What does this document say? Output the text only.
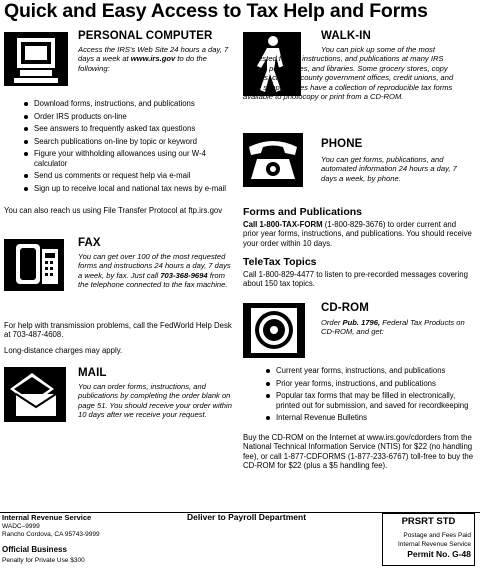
Quick and Easy Access to Tax Help and Forms
PERSONAL COMPUTER
Access the IRS's Web Site 24 hours a day, 7 days a week at www.irs.gov to do the following:
Download forms, instructions, and publications
Order IRS products on-line
See answers to frequently asked tax questions
Search publications on-line by topic or keyword
Figure your withholding allowances using our W-4 calculator
Send us comments or request help via e-mail
Sign up to receive local and national tax news by e-mail
You can also reach us using File Transfer Protocol at ftp.irs.gov
FAX
You can get over 100 of the most requested forms and instructions 24 hours a day, 7 days a week, by fax. Just call 703-368-9694 from the telephone connected to the fax machine.
For help with transmission problems, call the FedWorld Help Desk at 703-487-4608.
Long-distance charges may apply.
MAIL
You can order forms, instructions, and publications by completing the order blank on page 51. You should receive your order within 10 days after we receive your request.
WALK-IN
You can pick up some of the most requested forms, instructions, and publications at many IRS offices, post offices, and libraries. Some grocery stores, copy centers, city and county government offices, credit unions, and office supply stores have a collection of reproducible tax forms available to photocopy or print from a CD-ROM.
PHONE
You can get forms, publications, and automated information 24 hours a day, 7 days a week, by phone.
Forms and Publications
Call 1-800-TAX-FORM (1-800-829-3676) to order current and prior year forms, instructions, and publications. You should receive your order within 10 days.
TeleTax Topics
Call 1-800-829-4477 to listen to pre-recorded messages covering about 150 tax topics.
CD-ROM
Order Pub. 1796, Federal Tax Products on CD-ROM, and get:
Current year forms, instructions, and publications
Prior year forms, instructions, and publications
Popular tax forms that may be filled in electronically, printed out for submission, and saved for recordkeeping
Internal Revenue Bulletins
Buy the CD-ROM on the Internet at www.irs.gov/cdorders from the National Technical Information Service (NTIS) for $22 (no handling fee), or call 1-877-CDFORMS (1-877-233-6767) toll-free to buy the CD-ROM for $22 (plus a $5 handling fee).
Internal Revenue Service
WADC–9999
Rancho Cordova, CA 95743-9999
Official Business
Penalty for Private Use $300
Deliver to Payroll Department	PRSRT STD
Postage and Fees Paid
Internal Revenue Service
Permit No. G-48
